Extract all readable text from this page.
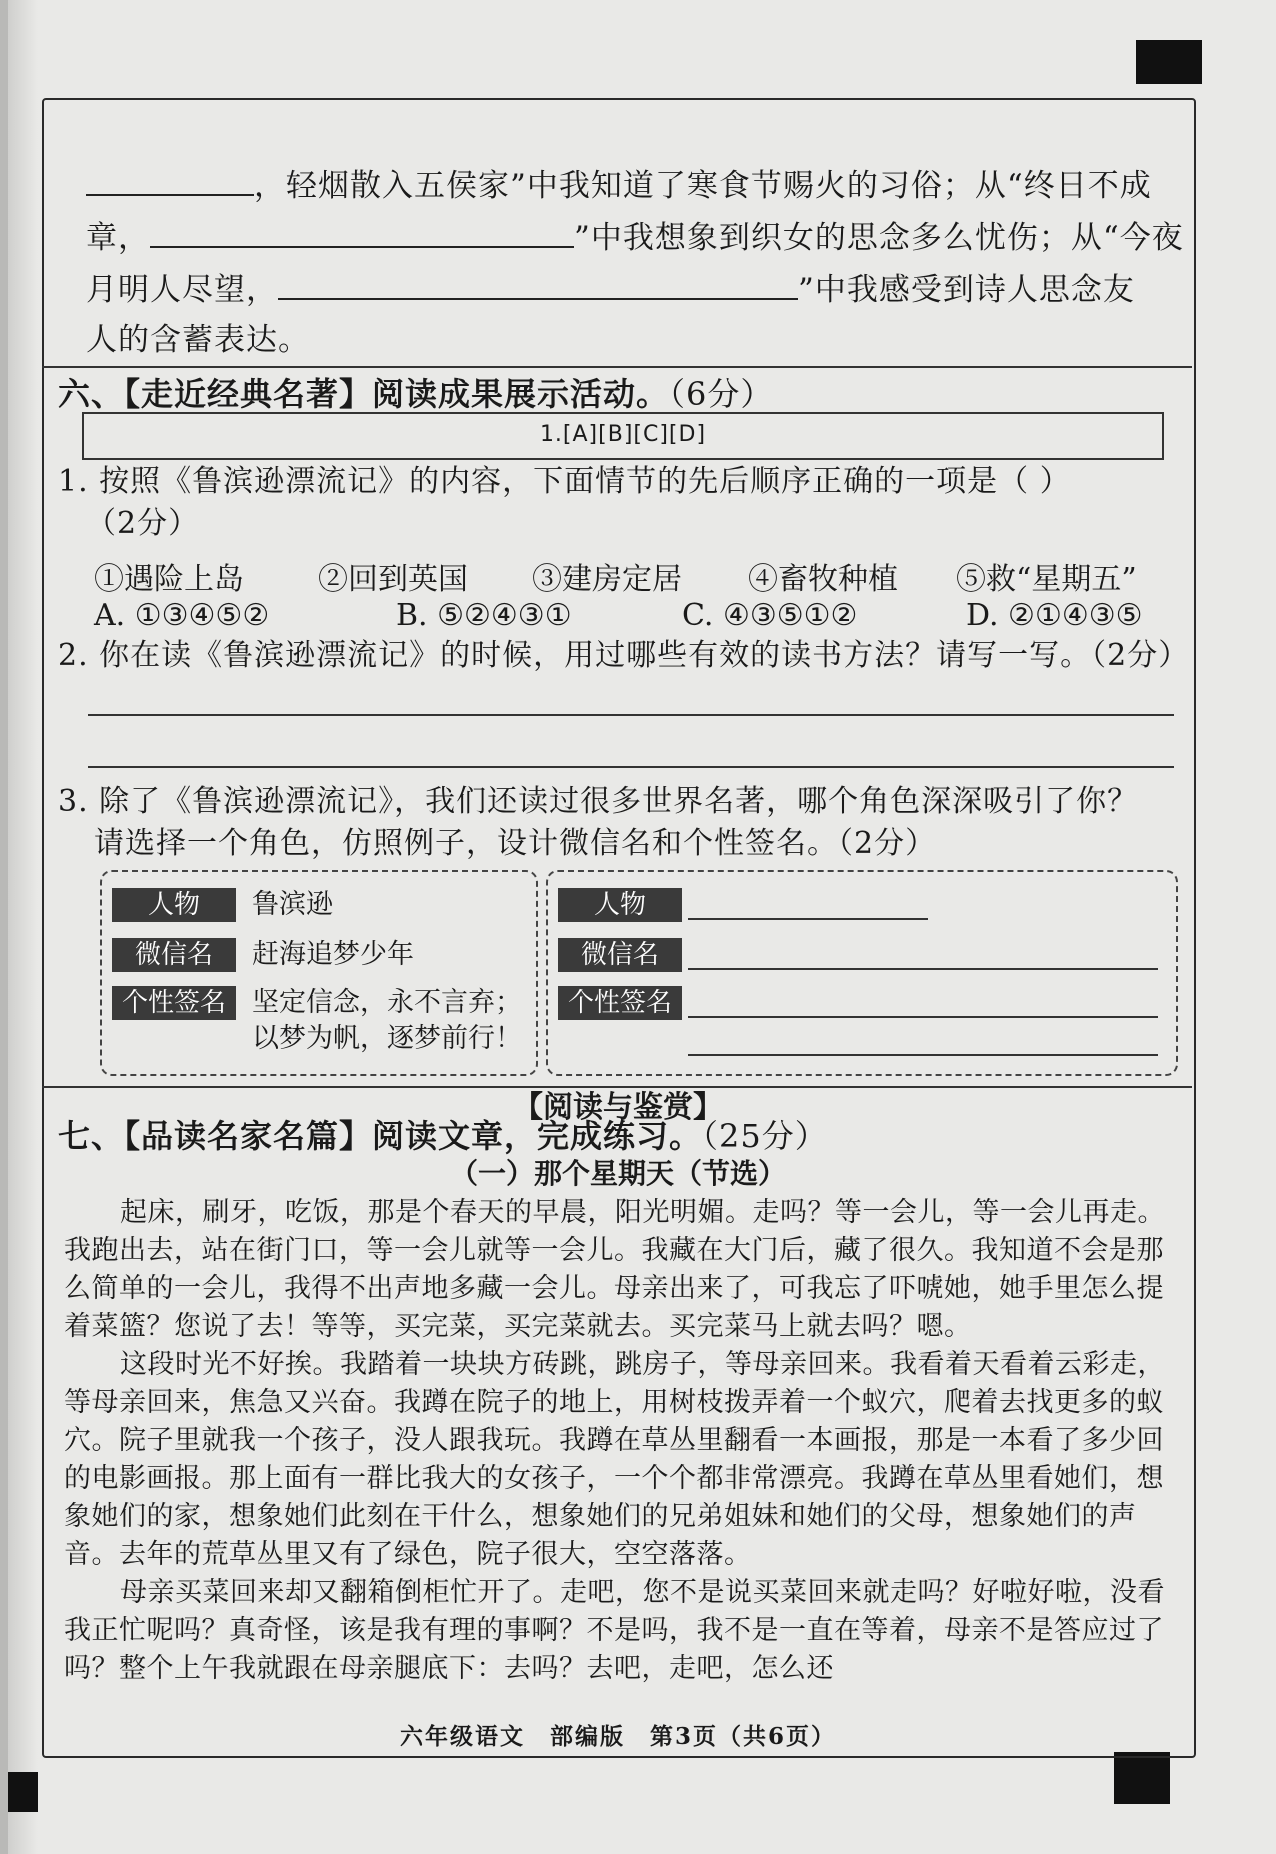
，轻烟散入五侯家”中我知道了寒食节赐火的习俗；从“终日不成
章，	”中我想象到织女的思念多么忧伤；从“今夜
月明人尽望，	”中我感受到诗人思念友
人的含蓄表达。
六、【走近经典名著】阅读成果展示活动。（6分）
1.[A][B][C][D]
1. 按照《鲁滨逊漂流记》的内容，下面情节的先后顺序正确的一项是（ ）
（2分）
①遇险上岛 ②回到英国 ③建房定居 ④畜牧种植 ⑤救“星期五”
A. ①③④⑤②	B. ⑤②④③①	C. ④③⑤①②	D. ②①④③⑤
2. 你在读《鲁滨逊漂流记》的时候，用过哪些有效的读书方法？请写一写。（2分）
3. 除了《鲁滨逊漂流记》，我们还读过很多世界名著，哪个角色深深吸引了你？
请选择一个角色，仿照例子，设计微信名和个性签名。（2分）
人物	鲁滨逊
微信名	赶海追梦少年
个性签名 坚定信念，永不言弃；
以梦为帆，逐梦前行！
人物
微信名
个性签名
【阅读与鉴赏】
七、【品读名家名篇】阅读文章，完成练习。（25分）
（一）那个星期天（节选）

起床，刷牙，吃饭，那是个春天的早晨，阳光明媚。走吗？等一会儿，等一会儿再走。我跑出去，站在街门口，等一会儿就等一会儿。我藏在大门后，藏了很久。我知道不会是那么简单的一会儿，我得不出声地多藏一会儿。母亲出来了，可我忘了吓唬她，她手里怎么提着菜篮？您说了去！等等，买完菜，买完菜就去。买完菜马上就去吗？嗯。

这段时光不好挨。我踏着一块块方砖跳，跳房子，等母亲回来。我看着天看着云彩走，等母亲回来，焦急又兴奋。我蹲在院子的地上，用树枝拨弄着一个蚁穴，爬着去找更多的蚁穴。院子里就我一个孩子，没人跟我玩。我蹲在草丛里翻看一本画报，那是一本看了多少回的电影画报。那上面有一群比我大的女孩子，一个个都非常漂亮。我蹲在草丛里看她们，想象她们的家，想象她们此刻在干什么，想象她们的兄弟姐妹和她们的父母，想象她们的声音。去年的荒草丛里又有了绿色，院子很大，空空落落。

母亲买菜回来却又翻箱倒柜忙开了。走吧，您不是说买菜回来就走吗？好啦好啦，没看我正忙呢吗？真奇怪，该是我有理的事啊？不是吗，我不是一直在等着，母亲不是答应过了吗？整个上午我就跟在母亲腿底下：去吗？去吧，走吧，怎么还

六年级语文　部编版　第3页（共6页）
